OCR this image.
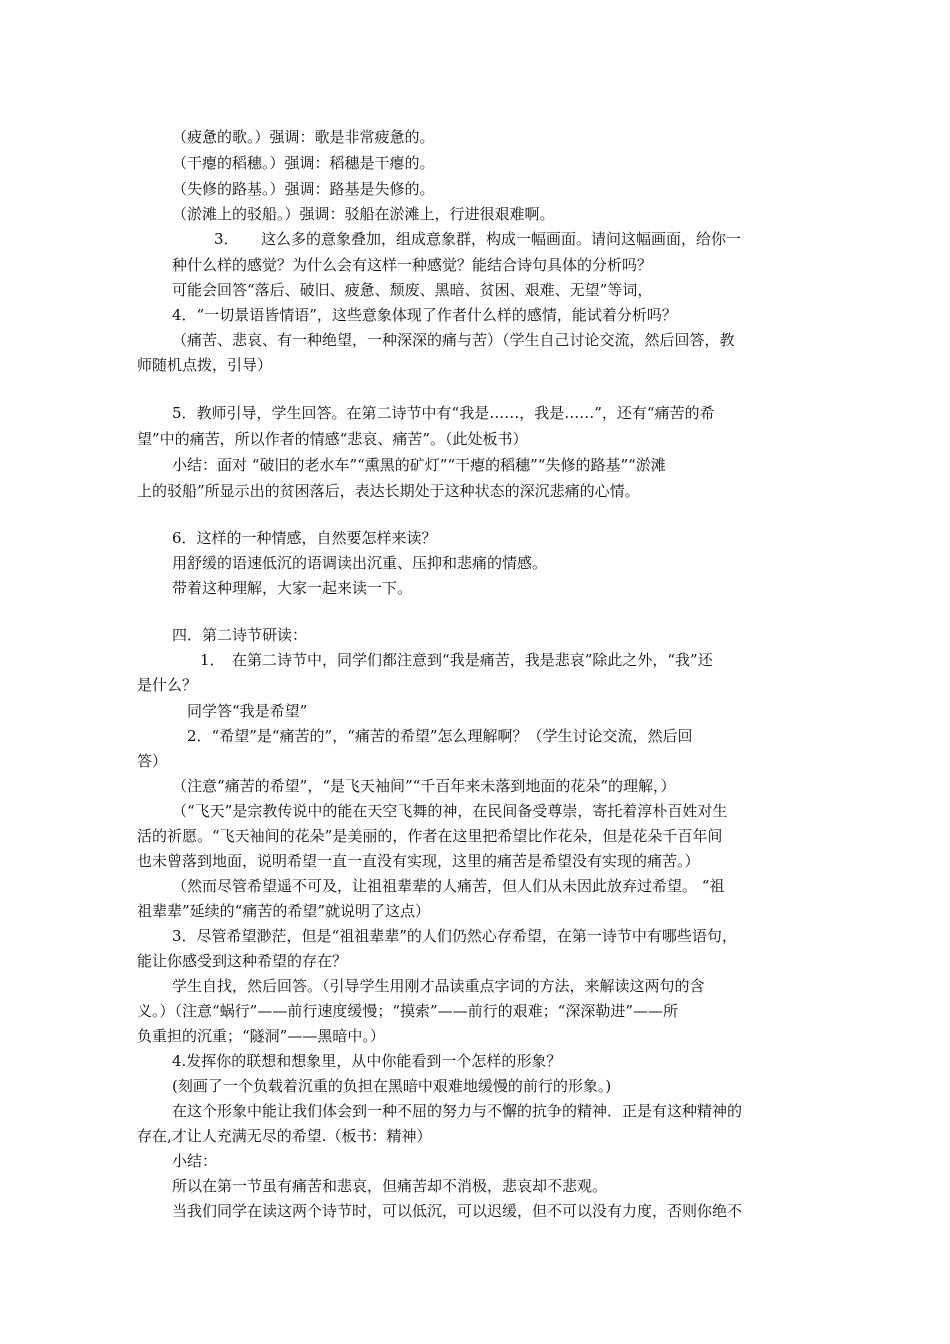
（疲惫的歌。）强调：歌是非常疲惫的。
（干瘪的稻穗。）强调：稻穗是干瘪的。
（失修的路基。）强调：路基是失修的。
（淤滩上的驳船。）强调：驳船在淤滩上，行进很艰难啊。
3．　　这么多的意象叠加，组成意象群，构成一幅画面。请问这幅画面，给你一
种什么样的感觉？为什么会有这样一种感觉？能结合诗句具体的分析吗？
可能会回答“落后、破旧、疲惫、颓废、黑暗、贫困、艰难、无望”等词，
4．“一切景语皆情语”，这些意象体现了作者什么样的感情，能试着分析吗？
（痛苦、悲哀、有一种绝望，一种深深的痛与苦）（学生自己讨论交流，然后回答，教
师随机点拨，引导）
5．教师引导，学生回答。在第二诗节中有“我是……，我是……”，还有“痛苦的希
望”中的痛苦，所以作者的情感“悲哀、痛苦”。（此处板书）
小结：面对 “破旧的老水车”“熏黑的矿灯”“干瘪的稻穗”“失修的路基”“淤滩
上的驳船”所显示出的贫困落后，表达长期处于这种状态的深沉悲痛的心情。
6．这样的一种情感，自然要怎样来读？
用舒缓的语速低沉的语调读出沉重、压抑和悲痛的情感。
带着这种理解，大家一起来读一下。
四．第二诗节研读：
1．　在第二诗节中，同学们都注意到“我是痛苦，我是悲哀”除此之外，“我”还
是什么？
同学答“我是希望”
2．“希望”是“痛苦的”，“痛苦的希望”怎么理解啊？（学生讨论交流，然后回
答）
（注意“痛苦的希望”，“是飞天袖间”“千百年来未落到地面的花朵”的理解，）
（“飞天”是宗教传说中的能在天空飞舞的神，在民间备受尊崇，寄托着淳朴百姓对生
活的祈愿。“飞天袖间的花朵”是美丽的，作者在这里把希望比作花朵，但是花朵千百年间
也未曾落到地面，说明希望一直一直没有实现，这里的痛苦是希望没有实现的痛苦。）
（然而尽管希望遥不可及，让祖祖辈辈的人痛苦，但人们从未因此放弃过希望。 “祖
祖辈辈”延续的“痛苦的希望”就说明了这点）
3．尽管希望渺茫，但是“祖祖辈辈”的人们仍然心存希望，在第一诗节中有哪些语句，
能让你感受到这种希望的存在？
学生自找，然后回答。（引导学生用刚才品读重点字词的方法，来解读这两句的含
义。）（注意“蜗行”——前行速度缓慢；“摸索”——前行的艰难；“深深勒进”——所
负重担的沉重；“隧洞”——黑暗中。）
4.发挥你的联想和想象里，从中你能看到一个怎样的形象？
(刻画了一个负载着沉重的负担在黑暗中艰难地缓慢的前行的形象。)
在这个形象中能让我们体会到一种不屈的努力与不懈的抗争的精神．正是有这种精神的
存在,才让人充满无尽的希望.（板书：精神）
小结：
所以在第一节虽有痛苦和悲哀，但痛苦却不消极，悲哀却不悲观。
当我们同学在读这两个诗节时，可以低沉，可以迟缓，但不可以没有力度，否则你绝不
